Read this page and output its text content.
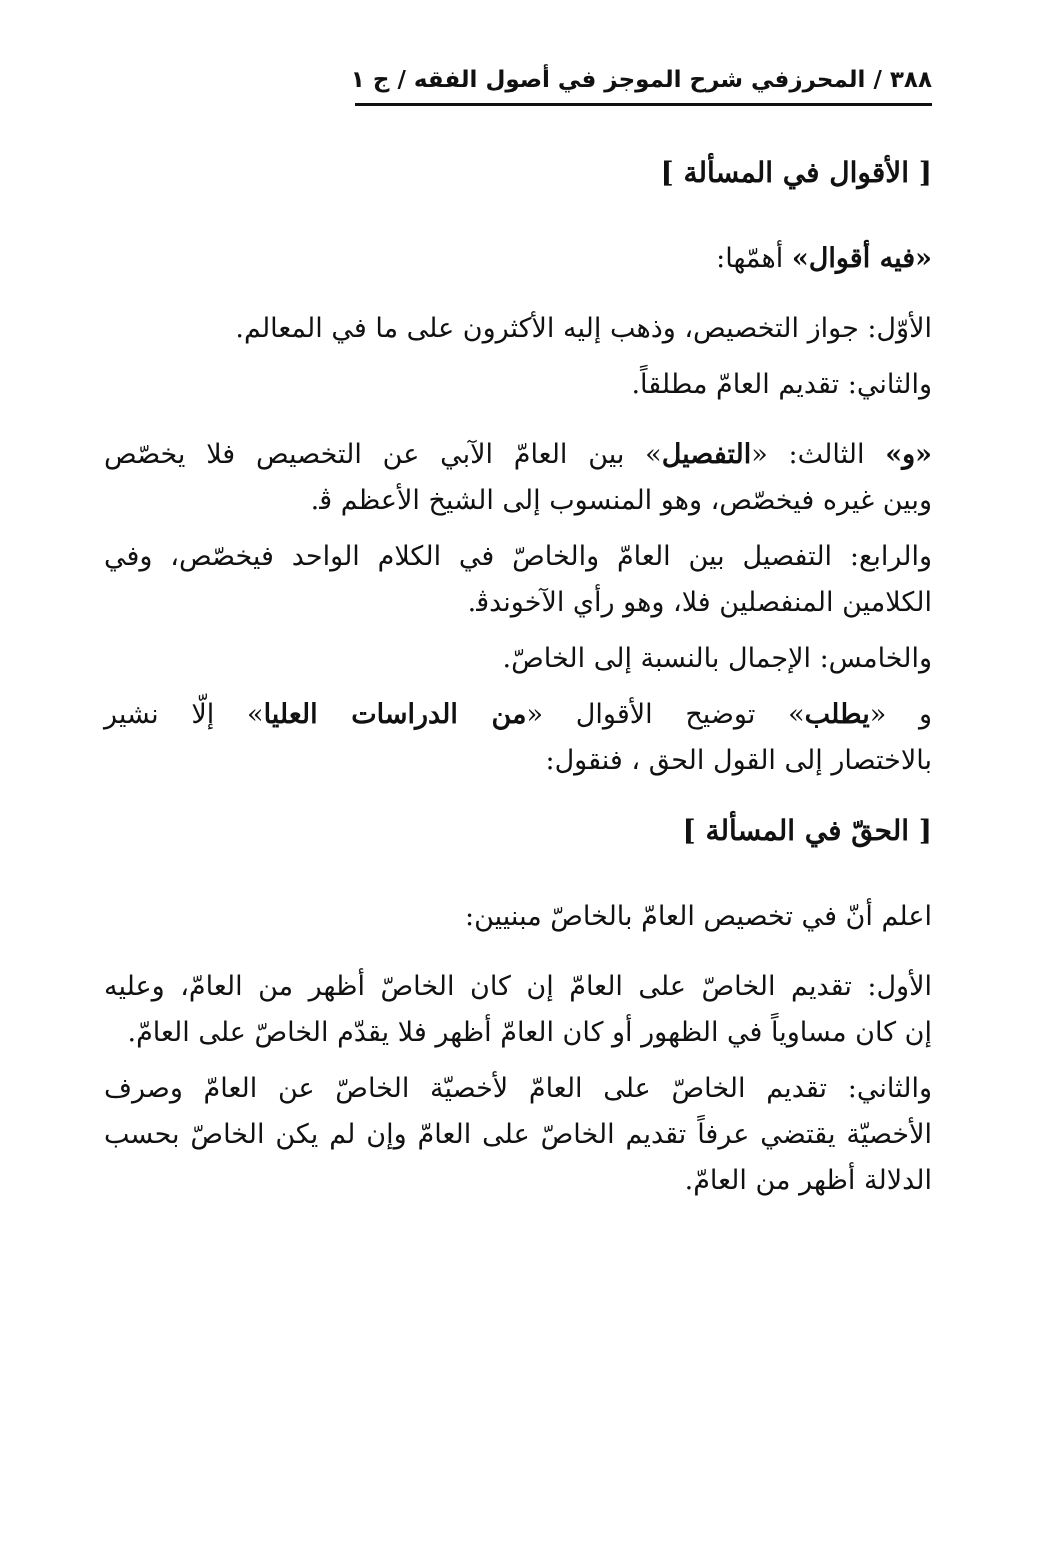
٣٨٨ / المحرزفي شرح الموجز في أصول الفقه / ج ١
[ الأقوال في المسألة ]
«فيه أقوال» أهمّها:
الأوّل: جواز التخصيص، وذهب إليه الأكثرون على ما في المعالم.
والثاني: تقديم العامّ مطلقاً.
«و» الثالث: «التفصيل» بين العامّ الآبي عن التخصيص فلا يخصّص
وبين غيره فيخصّص، وهو المنسوب إلى الشيخ الأعظم ﭬ.
والرابع: التفصيل بين العامّ والخاصّ في الكلام الواحد فيخصّص، وفي
الكلامين المنفصلين فلا، وهو رأي الآخوندﭬ.
والخامس: الإجمال بالنسبة إلى الخاصّ.
و «يطلب» توضيح الأقوال «من الدراسات العليا» إلّا نشير
بالاختصار إلى القول الحق ، فنقول:
[ الحقّ في المسألة ]
اعلم أنّ في تخصيص العامّ بالخاصّ مبنيين:
الأول: تقديم الخاصّ على العامّ إن كان الخاصّ أظهر من العامّ، وعليه
إن كان مساوياً في الظهور أو كان العامّ أظهر فلا يقدّم الخاصّ على العامّ.
والثاني: تقديم الخاصّ على العامّ لأخصيّة الخاصّ عن العامّ وصرف
الأخصيّة يقتضي عرفاً تقديم الخاصّ على العامّ وإن لم يكن الخاصّ بحسب
الدلالة أظهر من العامّ.
